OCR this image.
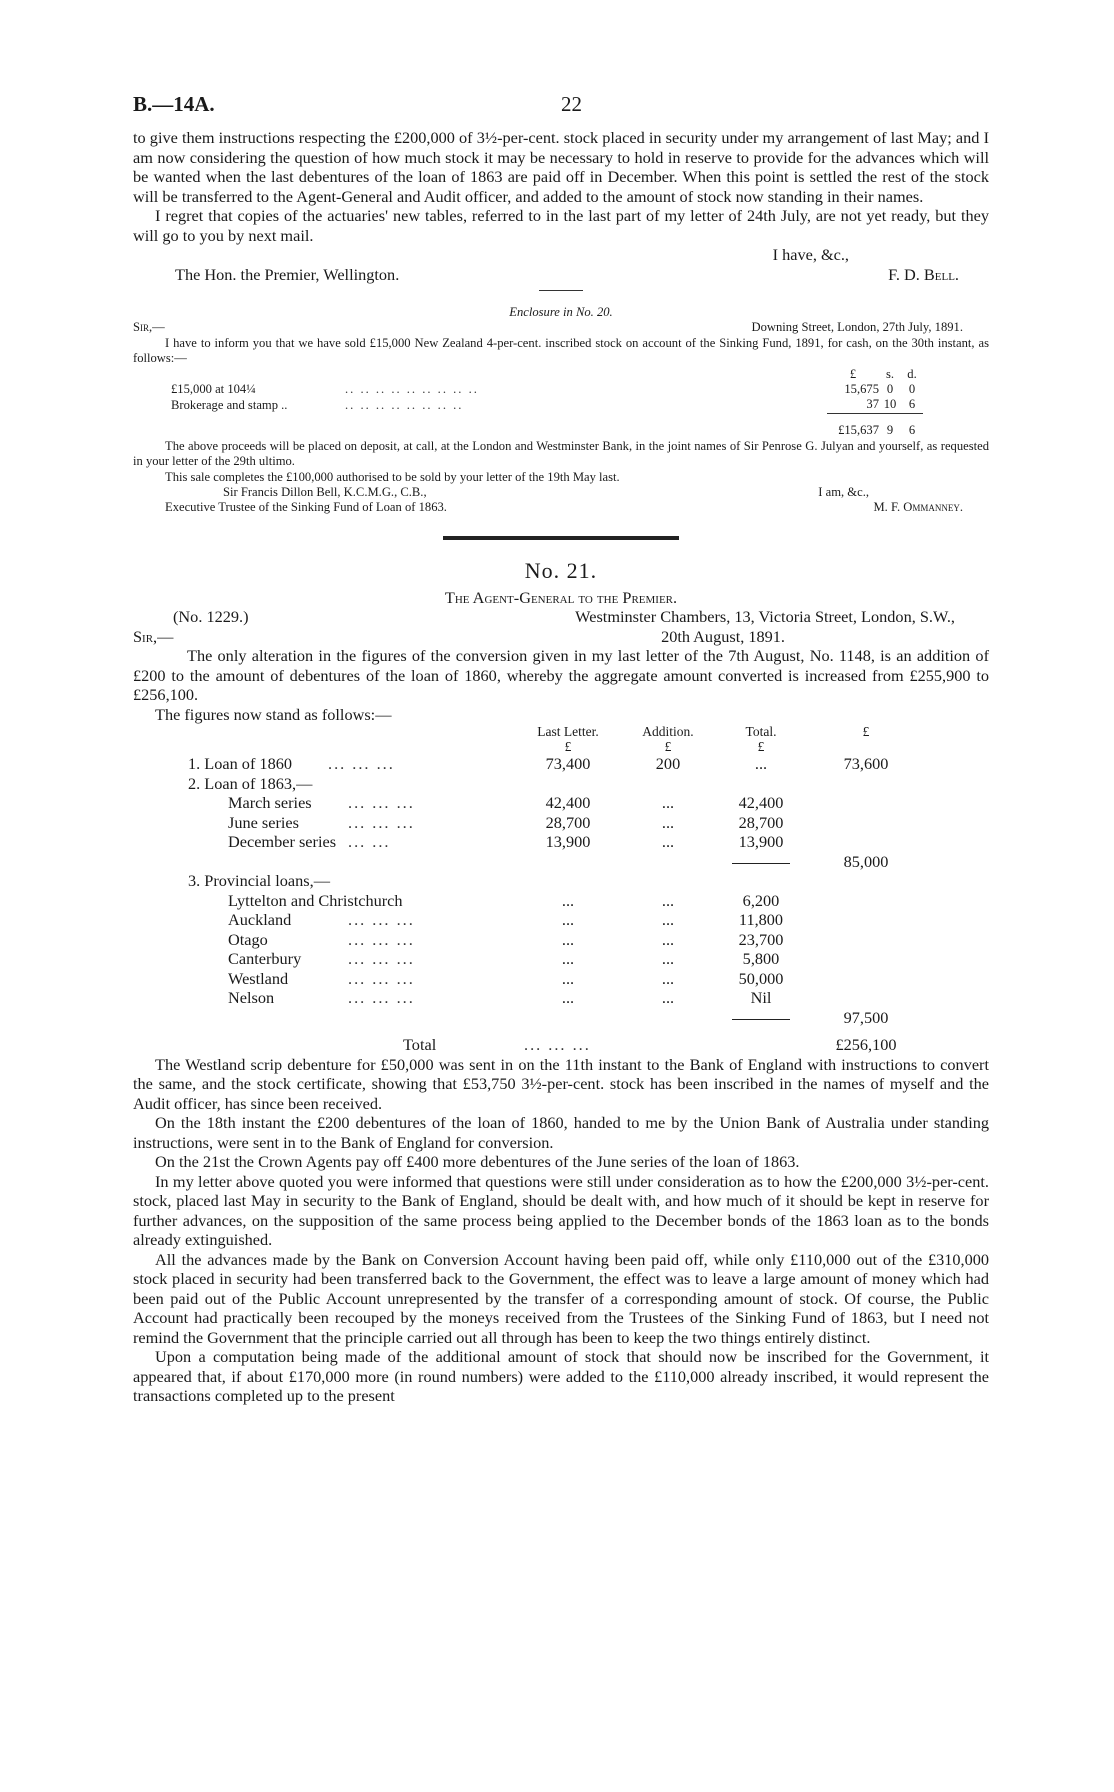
B.—14A.	22

to give them instructions respecting the £200,000 of 3½-per-cent. stock placed in security under my arrangement of last May; and I am now considering the question of how much stock it may be necessary to hold in reserve to provide for the advances which will be wanted when the last debentures of the loan of 1863 are paid off in December. When this point is settled the rest of the stock will be transferred to the Agent-General and Audit officer, and added to the amount of stock now standing in their names.

I regret that copies of the actuaries' new tables, referred to in the last part of my letter of 24th July, are not yet ready, but they will go to you by next mail.

I have, &c.,
The Hon. the Premier, Wellington.	F. D. Bell.
Enclosure in No. 20.
Sir,—	Downing Street, London, 27th July, 1891.

I have to inform you that we have sold £15,000 New Zealand 4-per-cent. inscribed stock on account of the Sinking Fund, 1891, for cash, on the 30th instant, as follows:—

		£	s.	d.
£15,000 at 104¼	.. .. .. .. .. .. .. .. ..	15,675	0	0
Brokerage and stamp ..	.. .. .. .. .. .. .. ..	37	10	6

		£15,637	9	6

The above proceeds will be placed on deposit, at call, at the London and Westminster Bank, in the joint names of Sir Penrose G. Julyan and yourself, as requested in your letter of the 29th ultimo.

This sale completes the £100,000 authorised to be sold by your letter of the 19th May last.

Sir Francis Dillon Bell, K.C.M.G., C.B.,	I am, &c.,
Executive Trustee of the Sinking Fund of Loan of 1863.	M. F. Ommanney.
No. 21.
The Agent-General to the Premier.
(No. 1229.)	Westminster Chambers, 13, Victoria Street, London, S.W.,
Sir,—	20th August, 1891.

The only alteration in the figures of the conversion given in my last letter of the 7th August, No. 1148, is an addition of £200 to the amount of debentures of the loan of 1860, whereby the aggregate amount converted is increased from £255,900 to £256,100.

The figures now stand as follows:—

	Last Letter.	Addition.	Total.	£
	£	£	£	
1. Loan of 1860 ... ... ...	73,400	200	...	73,600
2. Loan of 1863,—				
March series ... ... ...	42,400	...	42,400	
June series ... ... ...	28,700	...	28,700	
December series ... ...	13,900	...	13,900	
				85,000
3. Provincial loans,—				
Lyttelton and Christchurch	...	...	6,200	
Auckland ... ... ...	...	...	11,800	
Otago ... ... ...	...	...	23,700	
Canterbury ... ... ...	...	...	5,800	
Westland ... ... ...	...	...	50,000	
Nelson ... ... ...	...	...	Nil	
				97,500

Total	... ... ...			£256,100

The Westland scrip debenture for £50,000 was sent in on the 11th instant to the Bank of England with instructions to convert the same, and the stock certificate, showing that £53,750 3½-per-cent. stock has been inscribed in the names of myself and the Audit officer, has since been received.

On the 18th instant the £200 debentures of the loan of 1860, handed to me by the Union Bank of Australia under standing instructions, were sent in to the Bank of England for conversion.

On the 21st the Crown Agents pay off £400 more debentures of the June series of the loan of 1863.

In my letter above quoted you were informed that questions were still under consideration as to how the £200,000 3½-per-cent. stock, placed last May in security to the Bank of England, should be dealt with, and how much of it should be kept in reserve for further advances, on the supposition of the same process being applied to the December bonds of the 1863 loan as to the bonds already extinguished.

All the advances made by the Bank on Conversion Account having been paid off, while only £110,000 out of the £310,000 stock placed in security had been transferred back to the Government, the effect was to leave a large amount of money which had been paid out of the Public Account unrepresented by the transfer of a corresponding amount of stock. Of course, the Public Account had practically been recouped by the moneys received from the Trustees of the Sinking Fund of 1863, but I need not remind the Government that the principle carried out all through has been to keep the two things entirely distinct.

Upon a computation being made of the additional amount of stock that should now be inscribed for the Government, it appeared that, if about £170,000 more (in round numbers) were added to the £110,000 already inscribed, it would represent the transactions completed up to the present
